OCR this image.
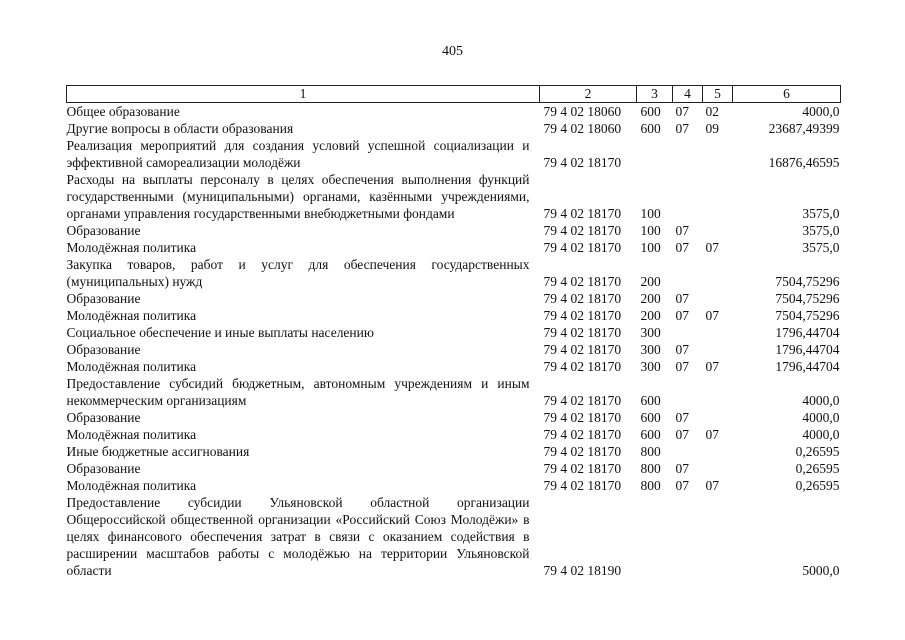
405
1	2	3	4	5	6
Общее образование	79 4 02 18060	600	07	02	4000,0
Другие вопросы в области образования	79 4 02 18060	600	07	09	23687,49399
Реализация мероприятий для создания условий успешной социализации и эффективной самореализации молодёжи	79 4 02 18170				16876,46595
Расходы на выплаты персоналу в целях обеспечения выполнения функций государственными (муниципальными) органами, казёнными учреждениями, органами управления государственными внебюджетными фондами	79 4 02 18170	100			3575,0
Образование	79 4 02 18170	100	07		3575,0
Молодёжная политика	79 4 02 18170	100	07	07	3575,0
Закупка товаров, работ и услуг для обеспечения государственных (муниципальных) нужд	79 4 02 18170	200			7504,75296
Образование	79 4 02 18170	200	07		7504,75296
Молодёжная политика	79 4 02 18170	200	07	07	7504,75296
Социальное обеспечение и иные выплаты населению	79 4 02 18170	300			1796,44704
Образование	79 4 02 18170	300	07		1796,44704
Молодёжная политика	79 4 02 18170	300	07	07	1796,44704
Предоставление субсидий бюджетным, автономным учреждениям и иным некоммерческим организациям	79 4 02 18170	600			4000,0
Образование	79 4 02 18170	600	07		4000,0
Молодёжная политика	79 4 02 18170	600	07	07	4000,0
Иные бюджетные ассигнования	79 4 02 18170	800			0,26595
Образование	79 4 02 18170	800	07		0,26595
Молодёжная политика	79 4 02 18170	800	07	07	0,26595
Предоставление субсидии Ульяновской областной организации Общероссийской общественной организации «Российский Союз Молодёжи» в целях финансового обеспечения затрат в связи с оказанием содействия в расширении масштабов работы с молодёжью на территории Ульяновской области	79 4 02 18190				5000,0
